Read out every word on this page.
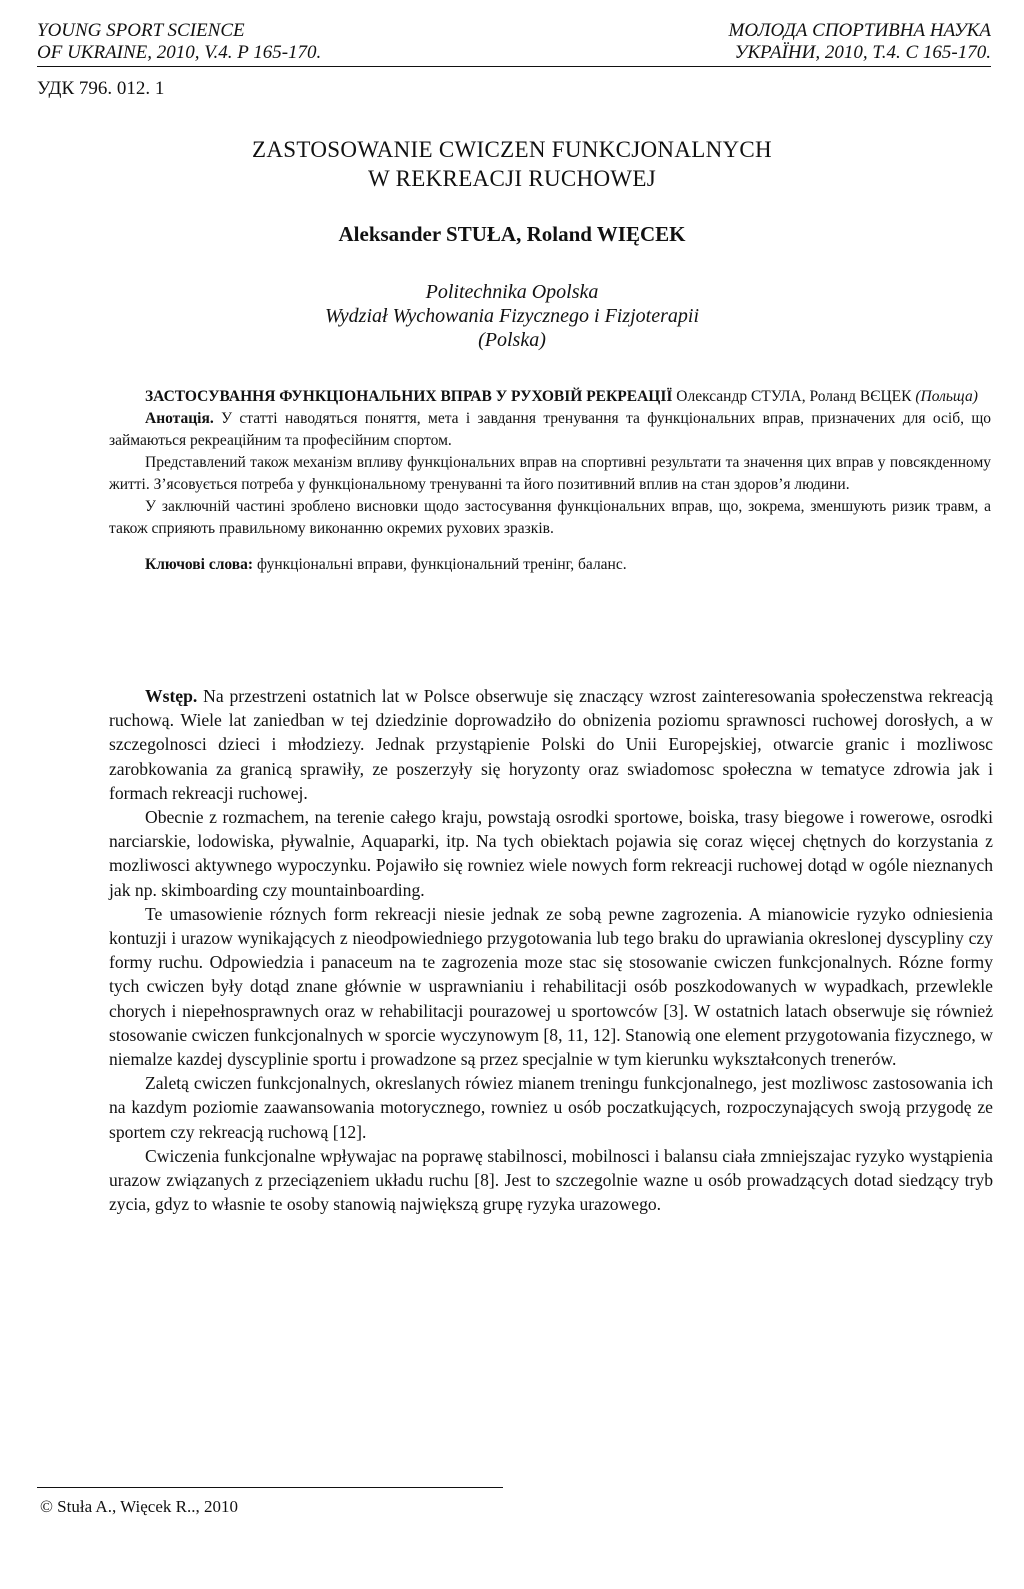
YOUNG SPORT SCIENCE
OF UKRAINE, 2010, V.4. P 165-170.
МОЛОДА СПОРТИВНА НАУКА
УКРАЇНИ, 2010, Т.4. С 165-170.
УДК 796. 012. 1
ZASTOSOWANIE CWICZEN FUNKCJONALNYCH
W REKREACJI RUCHOWEJ
Aleksander STUŁA, Roland WIĘCEK
Politechnika Opolska
Wydział Wychowania Fizycznego i Fizjoterapii
(Polska)

ЗАСТОСУВАННЯ ФУНКЦІОНАЛЬНИХ ВПРАВ У РУХОВІЙ РЕКРЕАЦІЇ Олександр СТУЛА, Роланд ВЄЦЕК (Польща)

Анотація. У статті наводяться поняття, мета і завдання тренування та функціональних вправ, призначених для осіб, що займаються рекреаційним та професійним спортом.

Представлений також механізм впливу функціональних вправ на спортивні результати та значення цих вправ у повсякденному житті. З’ясовується потреба у функціональному тренуванні та його позитивний вплив на стан здоров’я людини.

У заключній частині зроблено висновки щодо застосування функціональних вправ, що, зокрема, зменшують ризик травм, а також сприяють правильному виконанню окремих рухових зразків.

Ключові слова: функціональні вправи, функціональний тренінг, баланс.

Wstęp. Na przestrzeni ostatnich lat w Polsce obserwuje się znaczący wzrost zainteresowania społeczenstwa rekreacją ruchową. Wiele lat zaniedban w tej dziedzinie doprowadziło do obnizenia poziomu sprawnosci ruchowej dorosłych, a w szczegolnosci dzieci i młodziezy. Jednak przystąpienie Polski do Unii Europejskiej, otwarcie granic i mozliwosc zarobkowania za granicą sprawiły, ze poszerzyły się horyzonty oraz swiadomosc społeczna w tematyce zdrowia jak i formach rekreacji ruchowej.

Obecnie z rozmachem, na terenie całego kraju, powstają osrodki sportowe, boiska, trasy biegowe i rowerowe, osrodki narciarskie, lodowiska, pływalnie, Aquaparki, itp. Na tych obiektach pojawia się coraz więcej chętnych do korzystania z mozliwosci aktywnego wypoczynku. Pojawiło się rowniez wiele nowych form rekreacji ruchowej dotąd w ogóle nieznanych jak np. skimboarding czy mountainboarding.

Te umasowienie róznych form rekreacji niesie jednak ze sobą pewne zagrozenia. A mianowicie ryzyko odniesienia kontuzji i urazow wynikających z nieodpowiedniego przygotowania lub tego braku do uprawiania okreslonej dyscypliny czy formy ruchu. Odpowiedzia i panaceum na te zagrozenia moze stac się stosowanie cwiczen funkcjonalnych. Rózne formy tych cwiczen były dotąd znane głównie w usprawnianiu i rehabilitacji osób poszkodowanych w wypadkach, przewlekle chorych i niepełnosprawnych oraz w rehabilitacji pourazowej u sportowców [3]. W ostatnich latach obserwuje się również stosowanie cwiczen funkcjonalnych w sporcie wyczynowym [8, 11, 12]. Stanowią one element przygotowania fizycznego, w niemalze kazdej dyscyplinie sportu i prowadzone są przez specjalnie w tym kierunku wykształconych trenerów.

Zaletą cwiczen funkcjonalnych, okreslanych rówiez mianem treningu funkcjonalnego, jest mozliwosc zastosowania ich na kazdym poziomie zaawansowania motorycznego, rowniez u osób poczatkujących, rozpoczynających swoją przygodę ze sportem czy rekreacją ruchową [12].

Cwiczenia funkcjonalne wpływajac na poprawę stabilnosci, mobilnosci i balansu ciała zmniejszajac ryzyko wystąpienia urazow związanych z przeciązeniem układu ruchu [8]. Jest to szczegolnie wazne u osób prowadzących dotad siedzący tryb zycia, gdyz to własnie te osoby stanowią największą grupę ryzyka urazowego.

© Stuła A., Więcek R.., 2010
